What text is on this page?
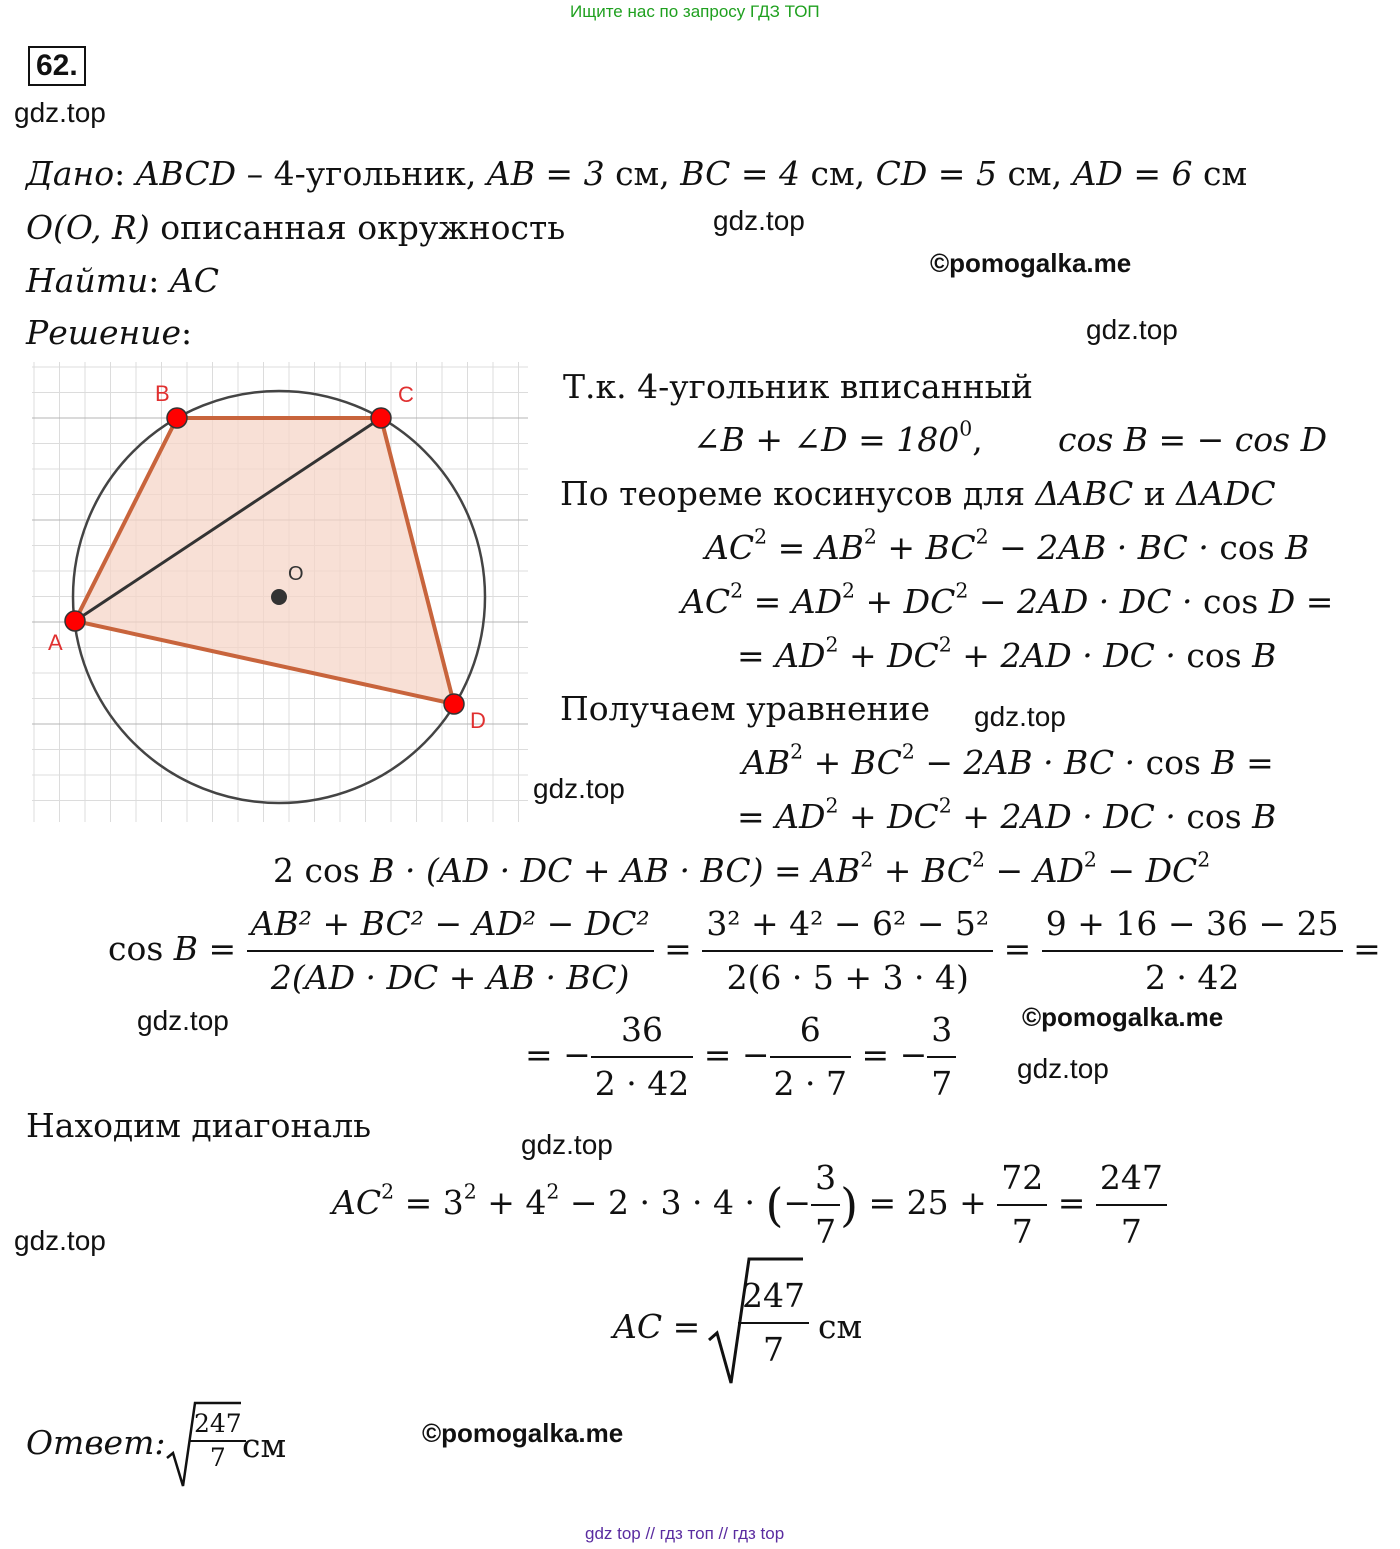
Ищите нас по запросу ГДЗ ТОП
62.
gdz.top
gdz.top
©pomogalka.me
gdz.top
gdz.top
gdz.top
gdz.top	©pomogalka.me
gdz.top
gdz.top
gdz.top
©pomogalka.me
gdz top // гдз топ // гдз top
Дано: ABCD – 4-угольник, AB = 3 см, BC = 4 см, CD = 5 см, AD = 6 см
O(O, R) описанная окружность
Найти: AC
Решение:
A
B	C
D
O
Т.к. 4-угольник вписанный
∠B + ∠D = $180^0$, cos B = − cos D
По теореме косинусов для ΔABC и ΔADC
$AC^2 = AB^2 + BC^2 - 2AB$ · BC · cos B
$AC^2 = AD^2 + DC^2 - 2AD$ · DC · cos D =
= $AD^2 + DC^2 + 2AD$ · DC · cos B
Получаем уравнение
$AB^2 + BC^2 - 2AB$ · BC · cos B =
= $AD^2 + DC^2 + 2AD$ · DC · cos B
2 cos B · (AD · DC + AB · $BC) = AB^2 + BC^2 - AD^2 - DC^2$
$\cos B = \frac{\text{AB² + BC² − AD² − DC²}}{2(AD \cdot DC + AB \cdot BC)} = \frac{\text{3² + 4² − 6² − 5²}}{2(6 \cdot 5 + 3 \cdot 4)} = \frac{9 + 16 - 36 - 25}{2 \cdot 42}$ =
= − $\frac{36}{2 \cdot 42}$ = − $\frac{6}{2 \cdot 7}$ = − $\frac{3}{7}$
Находим диагональ
$AC^2 = 3^2 + 4^2 - 2 \cdot 3 \cdot 4$ · (− $\frac{3}{7}$ ) = $25 + \frac{72}{7} = \frac{247}{7}$
AC = $\frac{247}{7}$ см
Ответ: $\frac{247}{7}$
см
